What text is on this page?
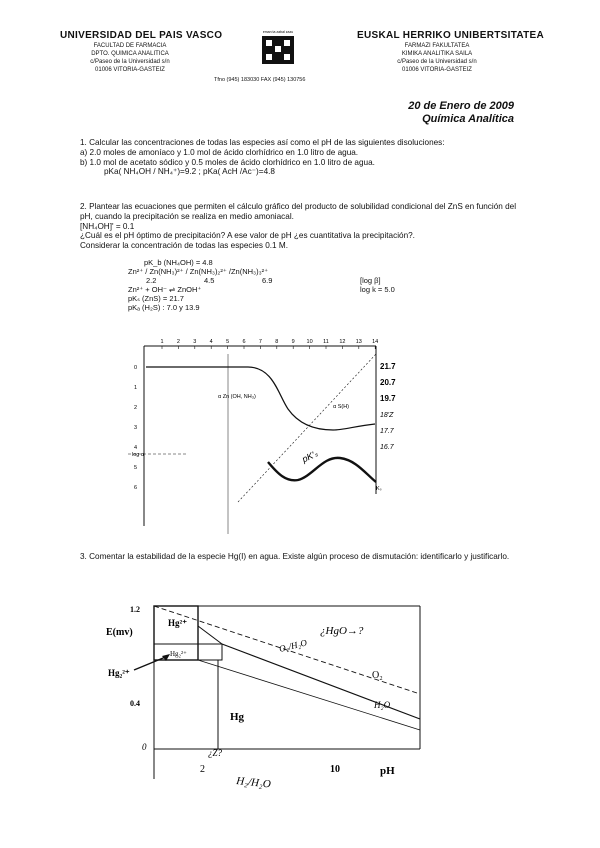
UNIVERSIDAD DEL PAIS VASCO
FACULTAD DE FARMACIA
DPTO. QUIMICA ANALITICA
c/Paseo de la Universidad s/n
01006 VITORIA-GASTEIZ
eman ta zabal zazu
Tfno (945) 183030 FAX (945) 130756
EUSKAL HERRIKO UNIBERTSITATEA
FARMAZI FAKULTATEA
KIMIKA ANALITIKA SAILA
c/Paseo de la Universidad s/n
01006 VITORIA-GASTEIZ
20 de Enero de 2009
Química Analítica

1. Calcular las concentraciones de todas las especies así como el pH de las siguientes disoluciones:

a) 2.0 moles de amoníaco y 1.0 mol de ácido clorhídrico en 1.0 litro de agua.

b) 1.0 mol de acetato sódico y 0.5 moles de ácido clorhídrico en 1.0 litro de agua.

pKa( NH₄OH / NH₄⁺)=9.2 ; pKa( AcH /Ac⁻)=4.8

2. Plantear las ecuaciones que permiten el cálculo gráfico del producto de solubilidad condicional del ZnS en función del pH, cuando la precipitación se realiza en medio amoniacal.

[NH₄OH]' = 0.1

¿Cuál es el pH óptimo de precipitación? A ese valor de pH ¿es cuantitativa la precipitación?.

Considerar la concentración de todas las especies 0.1 M.

pK_b (NH₄OH) = 4.8
Zn²⁺ / Zn(NH₃)²⁺ / Zn(NH₃)₂²⁺ /Zn(NH₃)₃²⁺
2.2	4.5	6.9	[log β]
Zn²⁺ + OH⁻ ⇌ ZnOH⁺	log k = 5.0
pKₛ (ZnS) = 21.7
pKₐ (H₂S) : 7.0 y 13.9
1 2 3 4 5 6 7 8 9 10 11 12 13 14
0
1
2
3
4
5
6
21.7
20.7
19.7
18'Z
17.7
16.7
α Zn (OH, NH₃)
α S(H)
log α	pK'ₛ
Kₛ
3. Comentar la estabilidad de la especie Hg(I) en agua. Existe algún proceso de dismutación: identificarlo y justificarlo.
E(mv)
1.2
0.4
0
Hg²⁺
Hg₂²⁺
Hg
O₂
H₂O
Hg₂²⁺
¿HgO→?
O₂/H₂O
H₂/H₂O
¿Z?
2	10	pH
